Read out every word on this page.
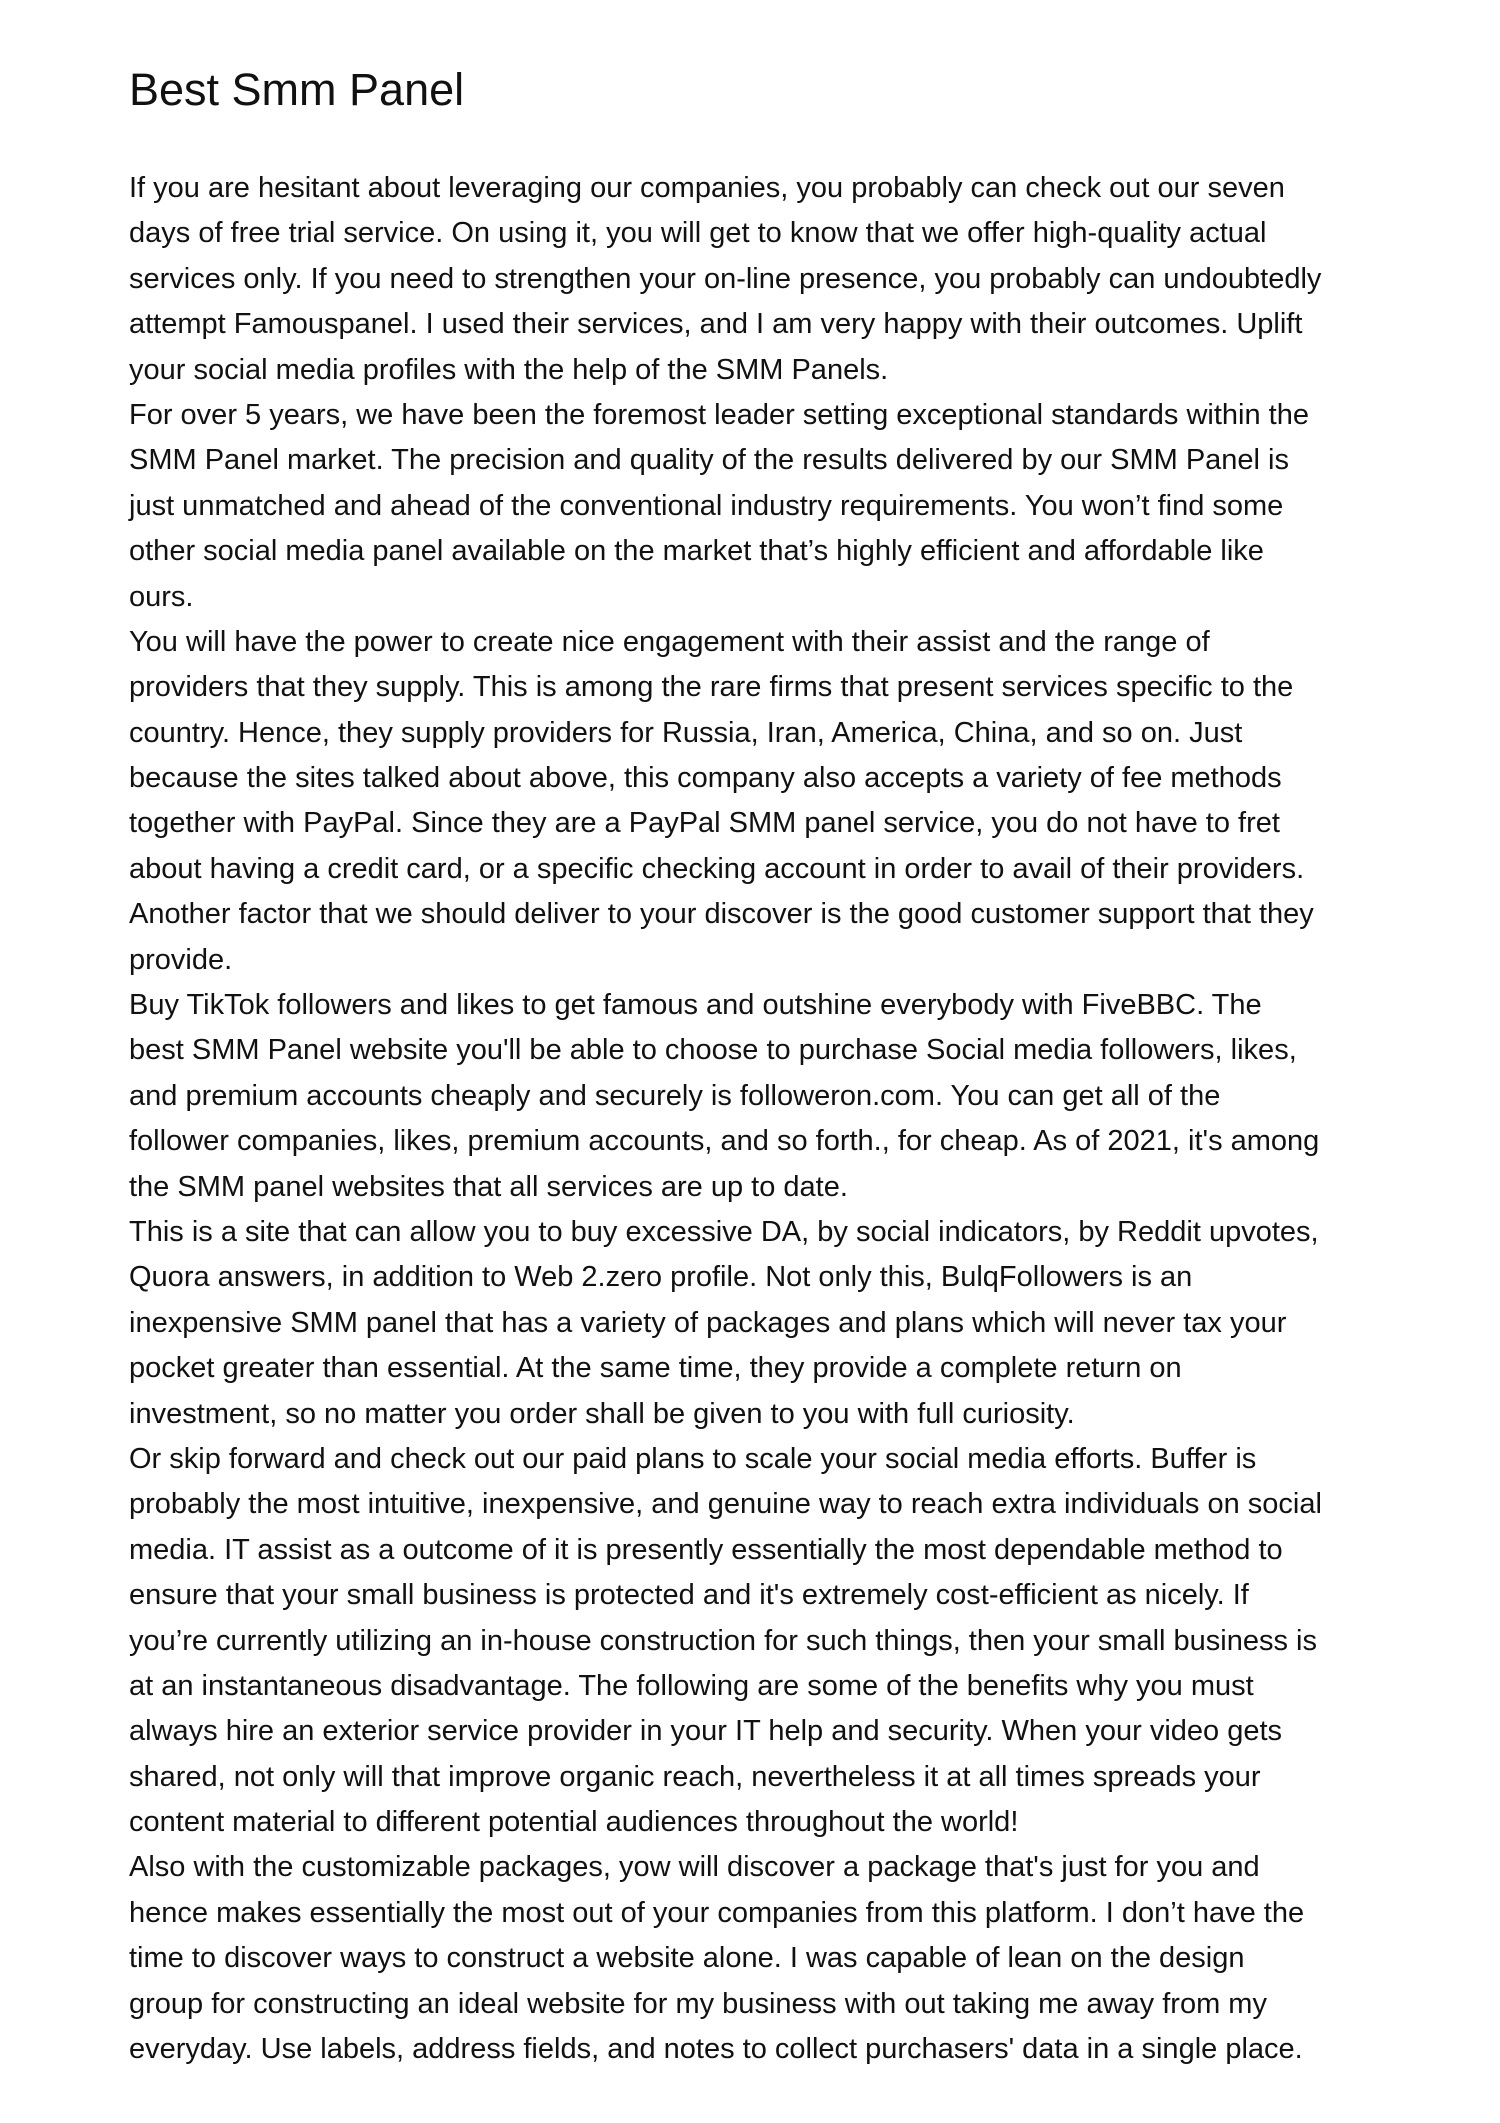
Best Smm Panel
If you are hesitant about leveraging our companies, you probably can check out our seven
days of free trial service. On using it, you will get to know that we offer high-quality actual
services only. If you need to strengthen your on-line presence, you probably can undoubtedly
attempt Famouspanel. I used their services, and I am very happy with their outcomes. Uplift
your social media profiles with the help of the SMM Panels.
For over 5 years, we have been the foremost leader setting exceptional standards within the
SMM Panel market. The precision and quality of the results delivered by our SMM Panel is
just unmatched and ahead of the conventional industry requirements. You won’t find some
other social media panel available on the market that’s highly efficient and affordable like
ours.
You will have the power to create nice engagement with their assist and the range of
providers that they supply. This is among the rare firms that present services specific to the
country. Hence, they supply providers for Russia, Iran, America, China, and so on. Just
because the sites talked about above, this company also accepts a variety of fee methods
together with PayPal. Since they are a PayPal SMM panel service, you do not have to fret
about having a credit card, or a specific checking account in order to avail of their providers.
Another factor that we should deliver to your discover is the good customer support that they
provide.
Buy TikTok followers and likes to get famous and outshine everybody with FiveBBC. The
best SMM Panel website you'll be able to choose to purchase Social media followers, likes,
and premium accounts cheaply and securely is followeron.com. You can get all of the
follower companies, likes, premium accounts, and so forth., for cheap. As of 2021, it's among
the SMM panel websites that all services are up to date.
This is a site that can allow you to buy excessive DA, by social indicators, by Reddit upvotes,
Quora answers, in addition to Web 2.zero profile. Not only this, BulqFollowers is an
inexpensive SMM panel that has a variety of packages and plans which will never tax your
pocket greater than essential. At the same time, they provide a complete return on
investment, so no matter you order shall be given to you with full curiosity.
Or skip forward and check out our paid plans to scale your social media efforts. Buffer is
probably the most intuitive, inexpensive, and genuine way to reach extra individuals on social
media. IT assist as a outcome of it is presently essentially the most dependable method to
ensure that your small business is protected and it's extremely cost-efficient as nicely. If
you’re currently utilizing an in-house construction for such things, then your small business is
at an instantaneous disadvantage. The following are some of the benefits why you must
always hire an exterior service provider in your IT help and security. When your video gets
shared, not only will that improve organic reach, nevertheless it at all times spreads your
content material to different potential audiences throughout the world!
Also with the customizable packages, yow will discover a package that's just for you and
hence makes essentially the most out of your companies from this platform. I don’t have the
time to discover ways to construct a website alone. I was capable of lean on the design
group for constructing an ideal website for my business with out taking me away from my
everyday. Use labels, address fields, and notes to collect purchasers' data in a single place.
